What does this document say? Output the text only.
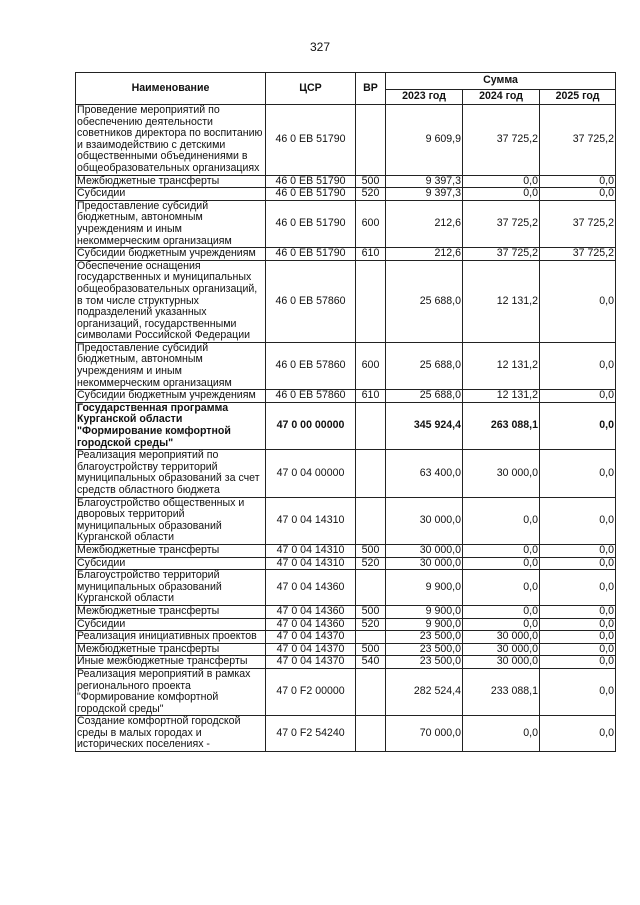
327
Наименование	ЦСР	ВР	Сумма		
			2023 год	2024 год	2025 год
Проведение мероприятий по обеспечению деятельности советников директора по воспитанию и взаимодействию с детскими общественными объединениями в общеобразовательных организациях	46 0 EB 51790		9 609,9	37 725,2	37 725,2
Межбюджетные трансферты	46 0 EB 51790	500	9 397,3	0,0	0,0
Субсидии	46 0 EB 51790	520	9 397,3	0,0	0,0
Предоставление субсидий бюджетным, автономным учреждениям и иным некоммерческим организациям	46 0 EB 51790	600	212,6	37 725,2	37 725,2
Субсидии бюджетным учреждениям	46 0 EB 51790	610	212,6	37 725,2	37 725,2
Обеспечение оснащения государственных и муниципальных общеобразовательных организаций, в том числе структурных подразделений указанных организаций, государственными символами Российской Федерации	46 0 EB 57860		25 688,0	12 131,2	0,0
Предоставление субсидий бюджетным, автономным учреждениям и иным некоммерческим организациям	46 0 EB 57860	600	25 688,0	12 131,2	0,0
Субсидии бюджетным учреждениям	46 0 EB 57860	610	25 688,0	12 131,2	0,0
Государственная программа Курганской области "Формирование комфортной городской среды"	47 0 00 00000		345 924,4	263 088,1	0,0
Реализация мероприятий по благоустройству территорий муниципальных образований за счет средств областного бюджета	47 0 04 00000		63 400,0	30 000,0	0,0
Благоустройство общественных и дворовых территорий муниципальных образований Курганской области	47 0 04 14310		30 000,0	0,0	0,0
Межбюджетные трансферты	47 0 04 14310	500	30 000,0	0,0	0,0
Субсидии	47 0 04 14310	520	30 000,0	0,0	0,0
Благоустройство территорий муниципальных образований Курганской области	47 0 04 14360		9 900,0	0,0	0,0
Межбюджетные трансферты	47 0 04 14360	500	9 900,0	0,0	0,0
Субсидии	47 0 04 14360	520	9 900,0	0,0	0,0
Реализация инициативных проектов	47 0 04 14370		23 500,0	30 000,0	0,0
Межбюджетные трансферты	47 0 04 14370	500	23 500,0	30 000,0	0,0
Иные межбюджетные трансферты	47 0 04 14370	540	23 500,0	30 000,0	0,0
Реализация мероприятий в рамках регионального проекта "Формирование комфортной городской среды"	47 0 F2 00000		282 524,4	233 088,1	0,0
Создание комфортной городской среды в малых городах и исторических поселениях -	47 0 F2 54240		70 000,0	0,0	0,0
